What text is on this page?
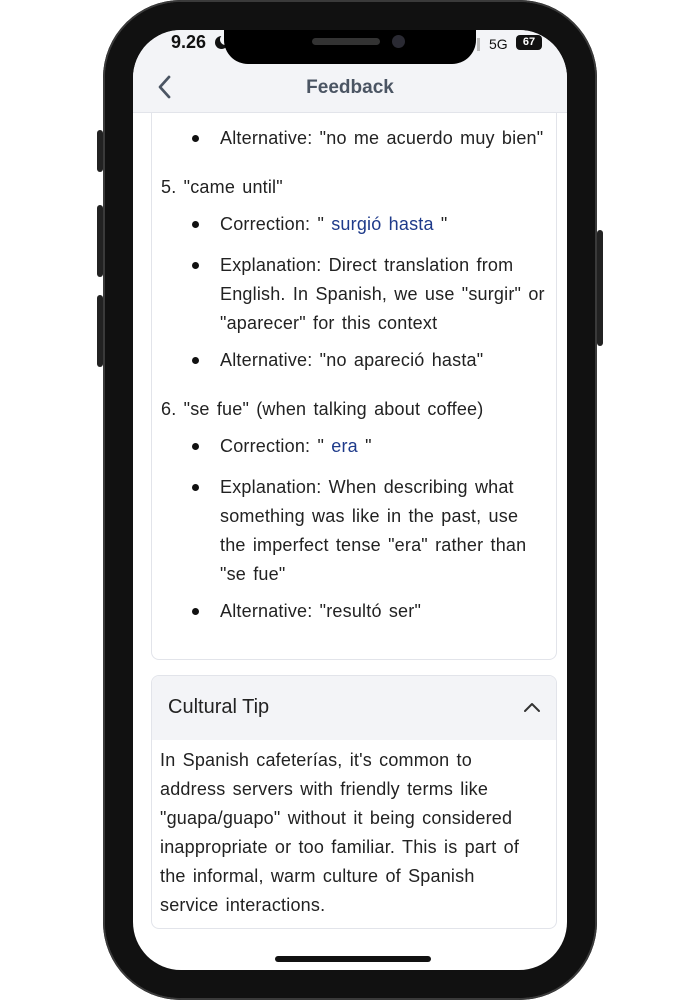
9.26	5G	67
Feedback
Alternative: "no me acuerdo muy bien"
5. "came until"
Correction: " surgió hasta "
Explanation: Direct translation from
English. In Spanish, we use "surgir" or
"aparecer" for this context
Alternative: "no apareció hasta"
6. "se fue" (when talking about coffee)
Correction: " era "
Explanation: When describing what
something was like in the past, use
the imperfect tense "era" rather than
"se fue"
Alternative: "resultó ser"
Cultural Tip
In Spanish cafeterías, it's common to
address servers with friendly terms like
"guapa/guapo" without it being considered
inappropriate or too familiar. This is part of
the informal, warm culture of Spanish
service interactions.
